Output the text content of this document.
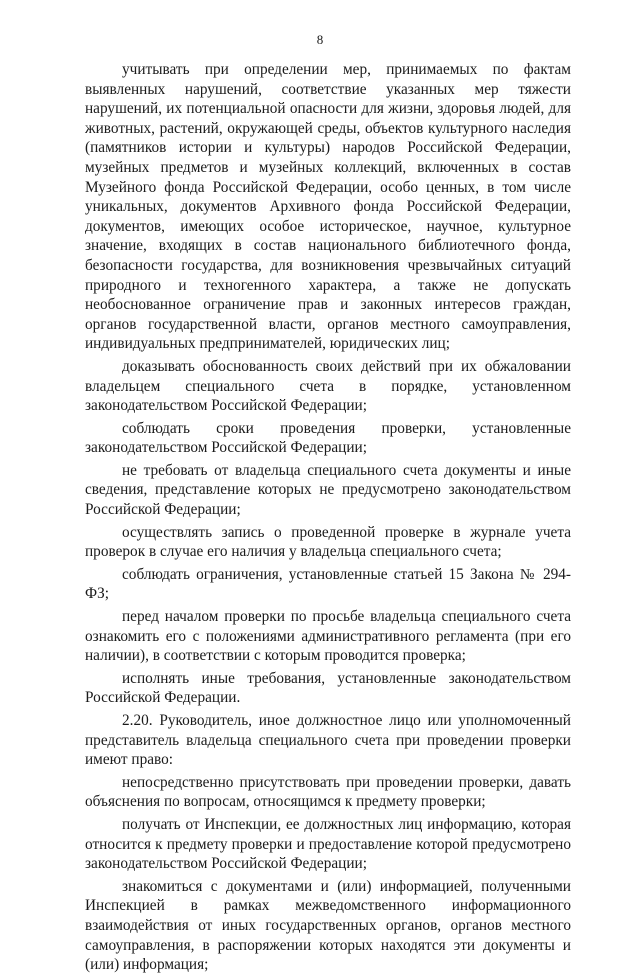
8

учитывать при определении мер, принимаемых по фактам выявленных нарушений, соответствие указанных мер тяжести нарушений, их потенциальной опасности для жизни, здоровья людей, для животных, растений, окружающей среды, объектов культурного наследия (памятников истории и культуры) народов Российской Федерации, музейных предметов и музейных коллекций, включенных в состав Музейного фонда Российской Федерации, особо ценных, в том числе уникальных, документов Архивного фонда Российской Федерации, документов, имеющих особое историческое, научное, культурное значение, входящих в состав национального библиотечного фонда, безопасности государства, для возникновения чрезвычайных ситуаций природного и техногенного характера, а также не допускать необоснованное ограничение прав и законных интересов граждан, органов государственной власти, органов местного самоуправления, индивидуальных предпринимателей, юридических лиц;

доказывать обоснованность своих действий при их обжаловании владельцем специального счета в порядке, установленном законодательством Российской Федерации;

соблюдать сроки проведения проверки, установленные законодательством Российской Федерации;

не требовать от владельца специального счета документы и иные сведения, представление которых не предусмотрено законодательством Российской Федерации;

осуществлять запись о проведенной проверке в журнале учета проверок в случае его наличия у владельца специального счета;

соблюдать ограничения, установленные статьей 15 Закона № 294-ФЗ;

перед началом проверки по просьбе владельца специального счета ознакомить его с положениями административного регламента (при его наличии), в соответствии с которым проводится проверка;

исполнять иные требования, установленные законодательством Российской Федерации.

2.20. Руководитель, иное должностное лицо или уполномоченный представитель владельца специального счета при проведении проверки имеют право:

непосредственно присутствовать при проведении проверки, давать объяснения по вопросам, относящимся к предмету проверки;

получать от Инспекции, ее должностных лиц информацию, которая относится к предмету проверки и предоставление которой предусмотрено законодательством Российской Федерации;

знакомиться с документами и (или) информацией, полученными Инспекцией в рамках межведомственного информационного взаимодействия от иных государственных органов, органов местного самоуправления, в распоряжении которых находятся эти документы и (или) информация;
